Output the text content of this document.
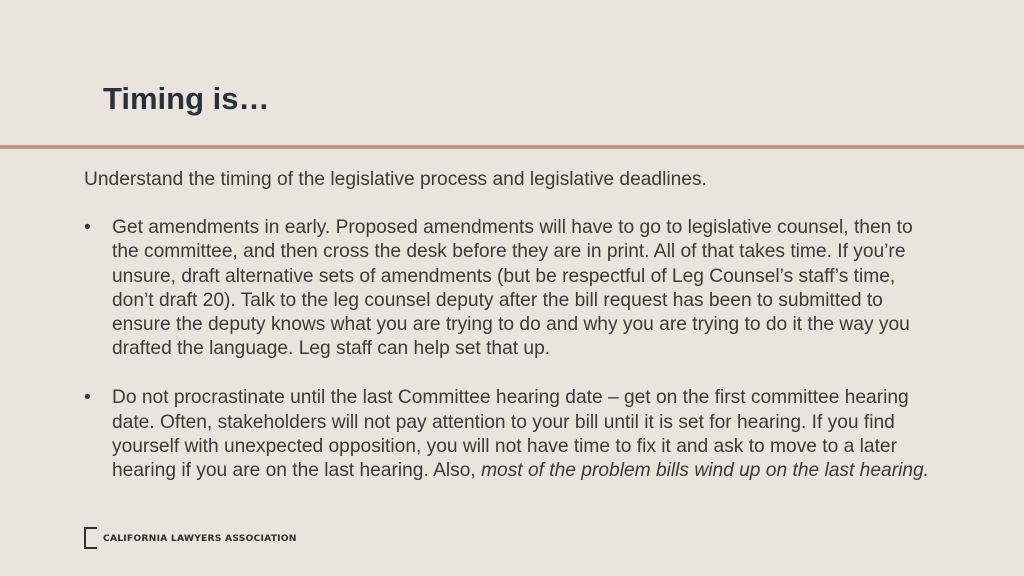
Timing is…

Understand the timing of the legislative process and legislative deadlines.

• Get amendments in early. Proposed amendments will have to go to legislative counsel, then to the committee, and then cross the desk before they are in print. All of that takes time. If you’re unsure, draft alternative sets of amendments (but be respectful of Leg Counsel’s staff’s time, don’t draft 20). Talk to the leg counsel deputy after the bill request has been to submitted to ensure the deputy knows what you are trying to do and why you are trying to do it the way you drafted the language. Leg staff can help set that up.
• Do not procrastinate until the last Committee hearing date – get on the first committee hearing date. Often, stakeholders will not pay attention to your bill until it is set for hearing. If you find yourself with unexpected opposition, you will not have time to fix it and ask to move to a later hearing if you are on the last hearing. Also, most of the problem bills wind up on the last hearing.
CALIFORNIA LAWYERS ASSOCIATION
